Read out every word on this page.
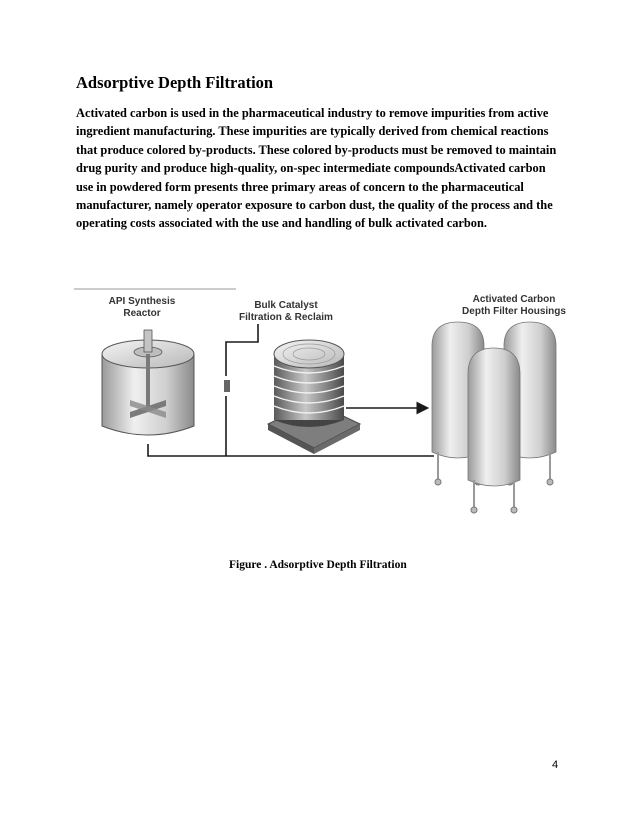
Adsorptive Depth Filtration

Activated carbon is used in the pharmaceutical industry to remove impurities from active
ingredient manufacturing. These impurities are typically derived from chemical reactions
that produce colored by-products. These colored by-products must be removed to maintain
drug purity and produce high-quality, on-spec intermediate compoundsActivated carbon
use in powdered form presents three primary areas of concern to the pharmaceutical
manufacturer, namely operator exposure to carbon dust, the quality of the process and the
operating costs associated with the use and handling of bulk activated carbon.

API Synthesis
Reactor
Bulk Catalyst
Filtration & Reclaim
Activated Carbon
Depth Filter Housings

Figure . Adsorptive Depth Filtration

4
